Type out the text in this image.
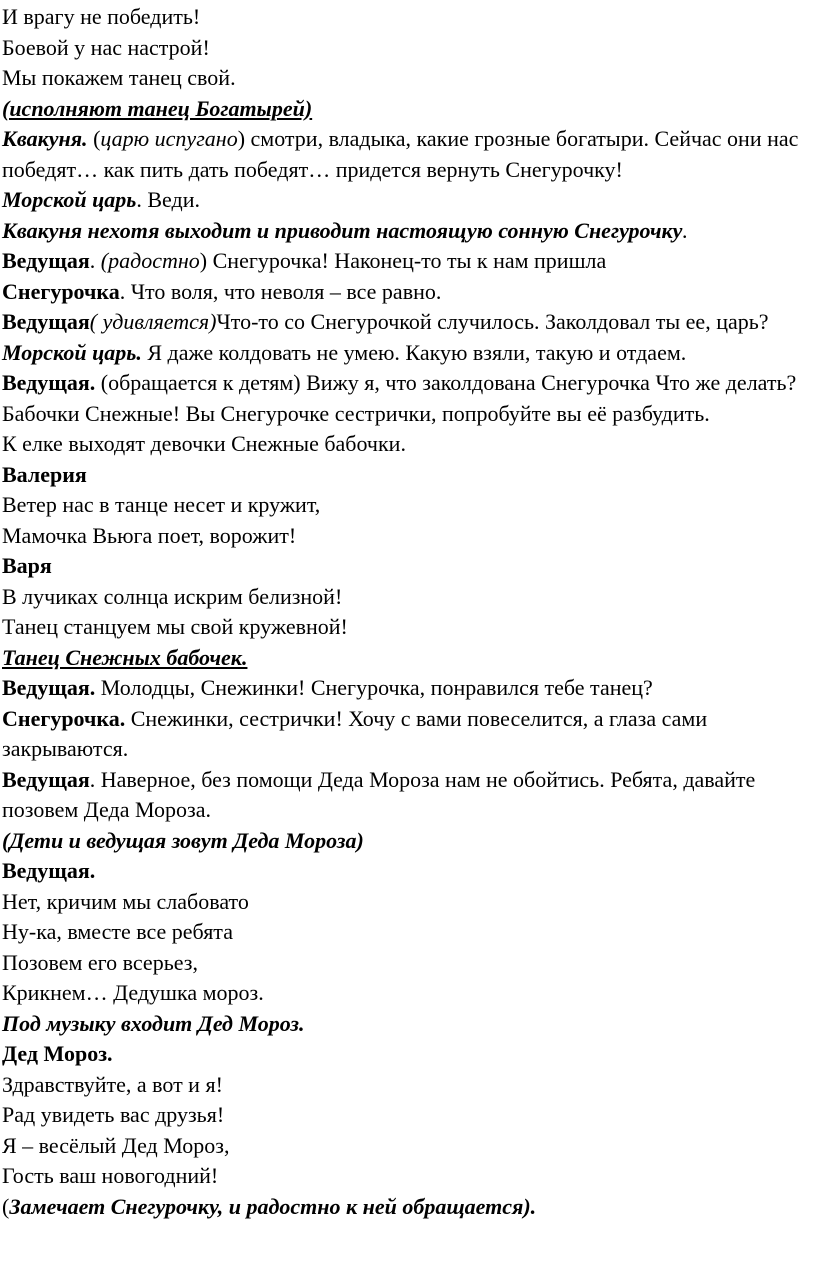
И врагу не победить!

Боевой у нас настрой!

Мы покажем танец свой.

(исполняют танец Богатырей)

Квакуня. (царю испугано) смотри, владыка, какие грозные богатыри. Сейчас они нас победят… как пить дать победят… придется вернуть Снегурочку!

Морской царь. Веди.

Квакуня нехотя выходит и приводит настоящую сонную Снегурочку.

Ведущая. (радостно) Снегурочка! Наконец-то ты к нам пришла

Снегурочка. Что воля, что неволя – все равно.

Ведущая( удивляется)Что-то со Снегурочкой случилось. Заколдовал ты ее, царь?

Морской царь. Я даже колдовать не умею. Какую взяли, такую и отдаем.

Ведущая. (обращается к детям) Вижу я, что заколдована Снегурочка Что же делать?Бабочки Снежные! Вы Снегурочке сестрички, попробуйте вы её разбудить.

К елке выходят девочки Снежные бабочки.

Валерия

Ветер нас в танце несет и кружит,

Мамочка Вьюга поет, ворожит!

Варя

В лучиках солнца искрим белизной!

Танец станцуем мы свой кружевной!

Танец Снежных бабочек.

Ведущая. Молодцы, Снежинки! Снегурочка, понравился тебе танец?

Снегурочка. Снежинки, сестрички! Хочу с вами повеселится, а глаза сами закрываются.

Ведущая. Наверное, без помощи Деда Мороза нам не обойтись. Ребята, давайте позовем Деда Мороза.

(Дети и ведущая зовут Деда Мороза)

Ведущая.

Нет, кричим мы слабовато

Ну-ка, вместе все ребята

Позовем его всерьез,

Крикнем… Дедушка мороз.

Под музыку входит Дед Мороз.

Дед Мороз.

Здравствуйте, а вот и я!

Рад увидеть вас друзья!

Я – весёлый Дед Мороз,

Гость ваш новогодний!

(Замечает Снегурочку, и радостно к ней обращается).
